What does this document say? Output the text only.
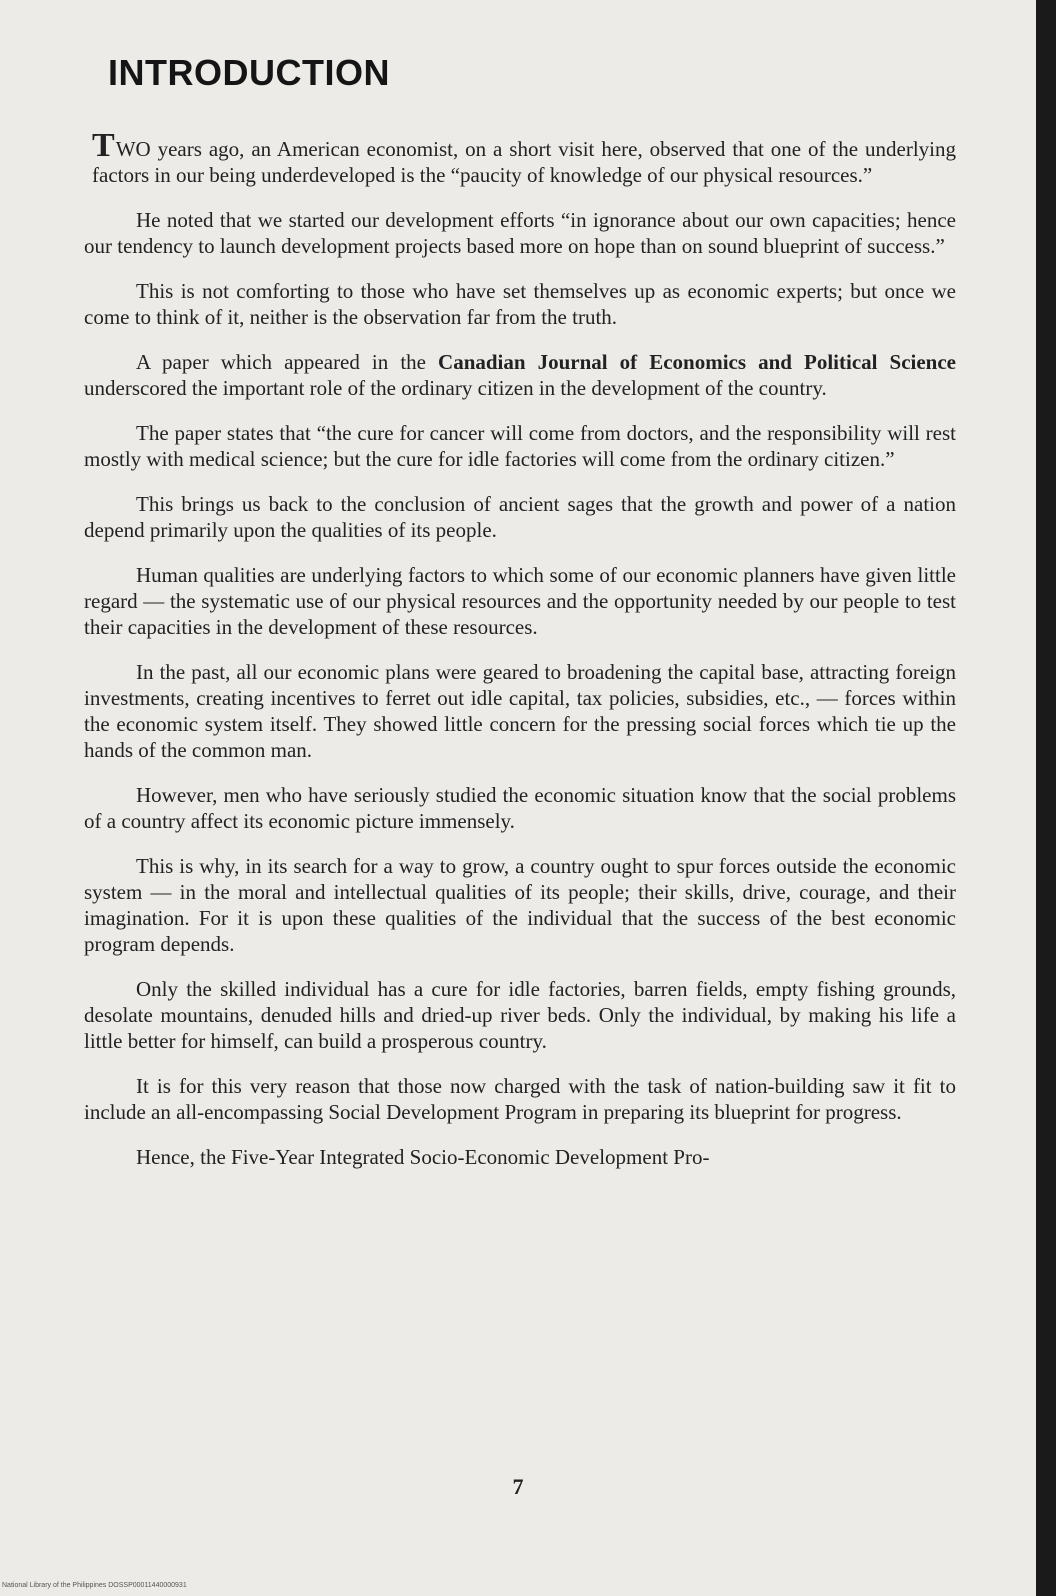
INTRODUCTION

TWO years ago, an American economist, on a short visit here, observed that one of the underlying factors in our being underdeveloped is the “paucity of knowledge of our physical resources.”

He noted that we started our development efforts “in ignorance about our own capacities; hence our tendency to launch development projects based more on hope than on sound blueprint of success.”

This is not comforting to those who have set themselves up as economic experts; but once we come to think of it, neither is the observation far from the truth.

A paper which appeared in the Canadian Journal of Economics and Political Science underscored the important role of the ordinary citizen in the development of the country.

The paper states that “the cure for cancer will come from doctors, and the responsibility will rest mostly with medical science; but the cure for idle factories will come from the ordinary citizen.”

This brings us back to the conclusion of ancient sages that the growth and power of a nation depend primarily upon the qualities of its people.

Human qualities are underlying factors to which some of our economic planners have given little regard — the systematic use of our physical resources and the opportunity needed by our people to test their capacities in the development of these resources.

In the past, all our economic plans were geared to broadening the capital base, attracting foreign investments, creating incentives to ferret out idle capital, tax policies, subsidies, etc., — forces within the economic system itself. They showed little concern for the pressing social forces which tie up the hands of the common man.

However, men who have seriously studied the economic situation know that the social problems of a country affect its economic picture immensely.

This is why, in its search for a way to grow, a country ought to spur forces outside the economic system — in the moral and intellectual qualities of its people; their skills, drive, courage, and their imagination. For it is upon these qualities of the individual that the success of the best economic program depends.

Only the skilled individual has a cure for idle factories, barren fields, empty fishing grounds, desolate mountains, denuded hills and dried-up river beds. Only the individual, by making his life a little better for himself, can build a prosperous country.

It is for this very reason that those now charged with the task of nation-building saw it fit to include an all-encompassing Social Development Program in preparing its blueprint for progress.

Hence, the Five-Year Integrated Socio-Economic Development Pro-

7
National Library of the Philippines DOSSP00011440000931
